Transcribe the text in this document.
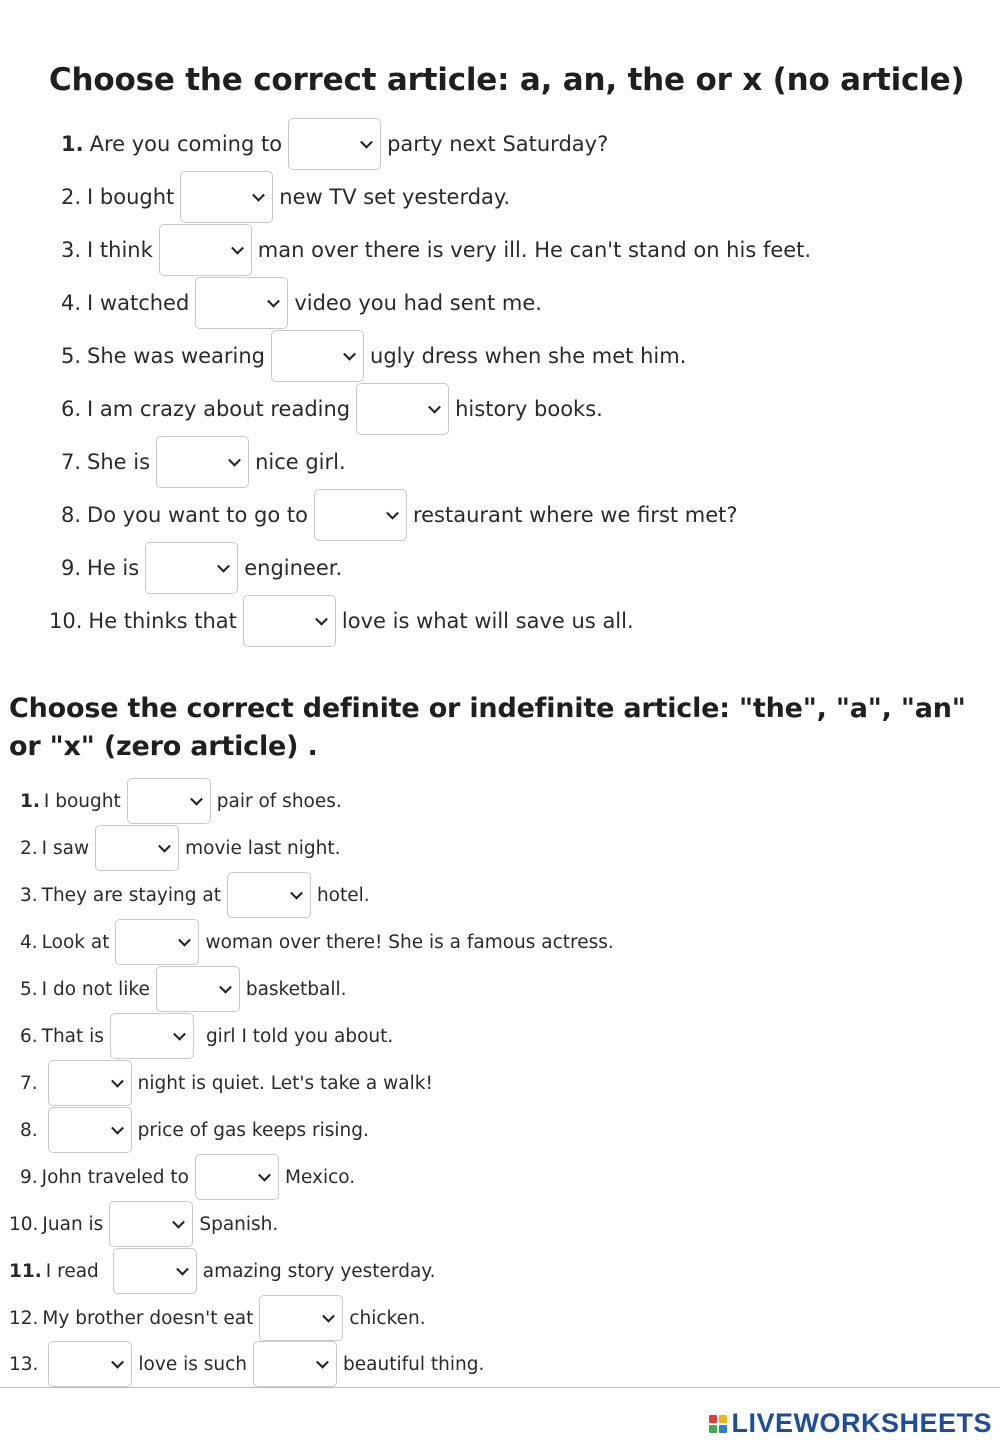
Choose the correct article: a, an, the or x (no article)
1. Are you coming to	party next Saturday?
2. I bought	new TV set yesterday.
3. I think	man over there is very ill. He can't stand on his feet.
4. I watched	video you had sent me.
5. She was wearing	ugly dress when she met him.
6. I am crazy about reading	history books.
7. She is	nice girl.
8. Do you want to go to	restaurant where we first met?
9. He is	engineer.
10. He thinks that	love is what will save us all.
Choose the correct definite or indefinite article: "the", "a", "an" or "x" (zero article) .
1. I bought	pair of shoes.
2. I saw	movie last night.
3. They are staying at	hotel.
4. Look at	woman over there! She is a famous actress.
5. I do not like	basketball.
6. That is	girl I told you about.
7.	night is quiet. Let's take a walk!
8.	price of gas keeps rising.
9. John traveled to	Mexico.
10. Juan is	Spanish.
11. I read	amazing story yesterday.
12. My brother doesn't eat	chicken.
13.	love is such	beautiful thing.
LIVEWORKSHEETS
